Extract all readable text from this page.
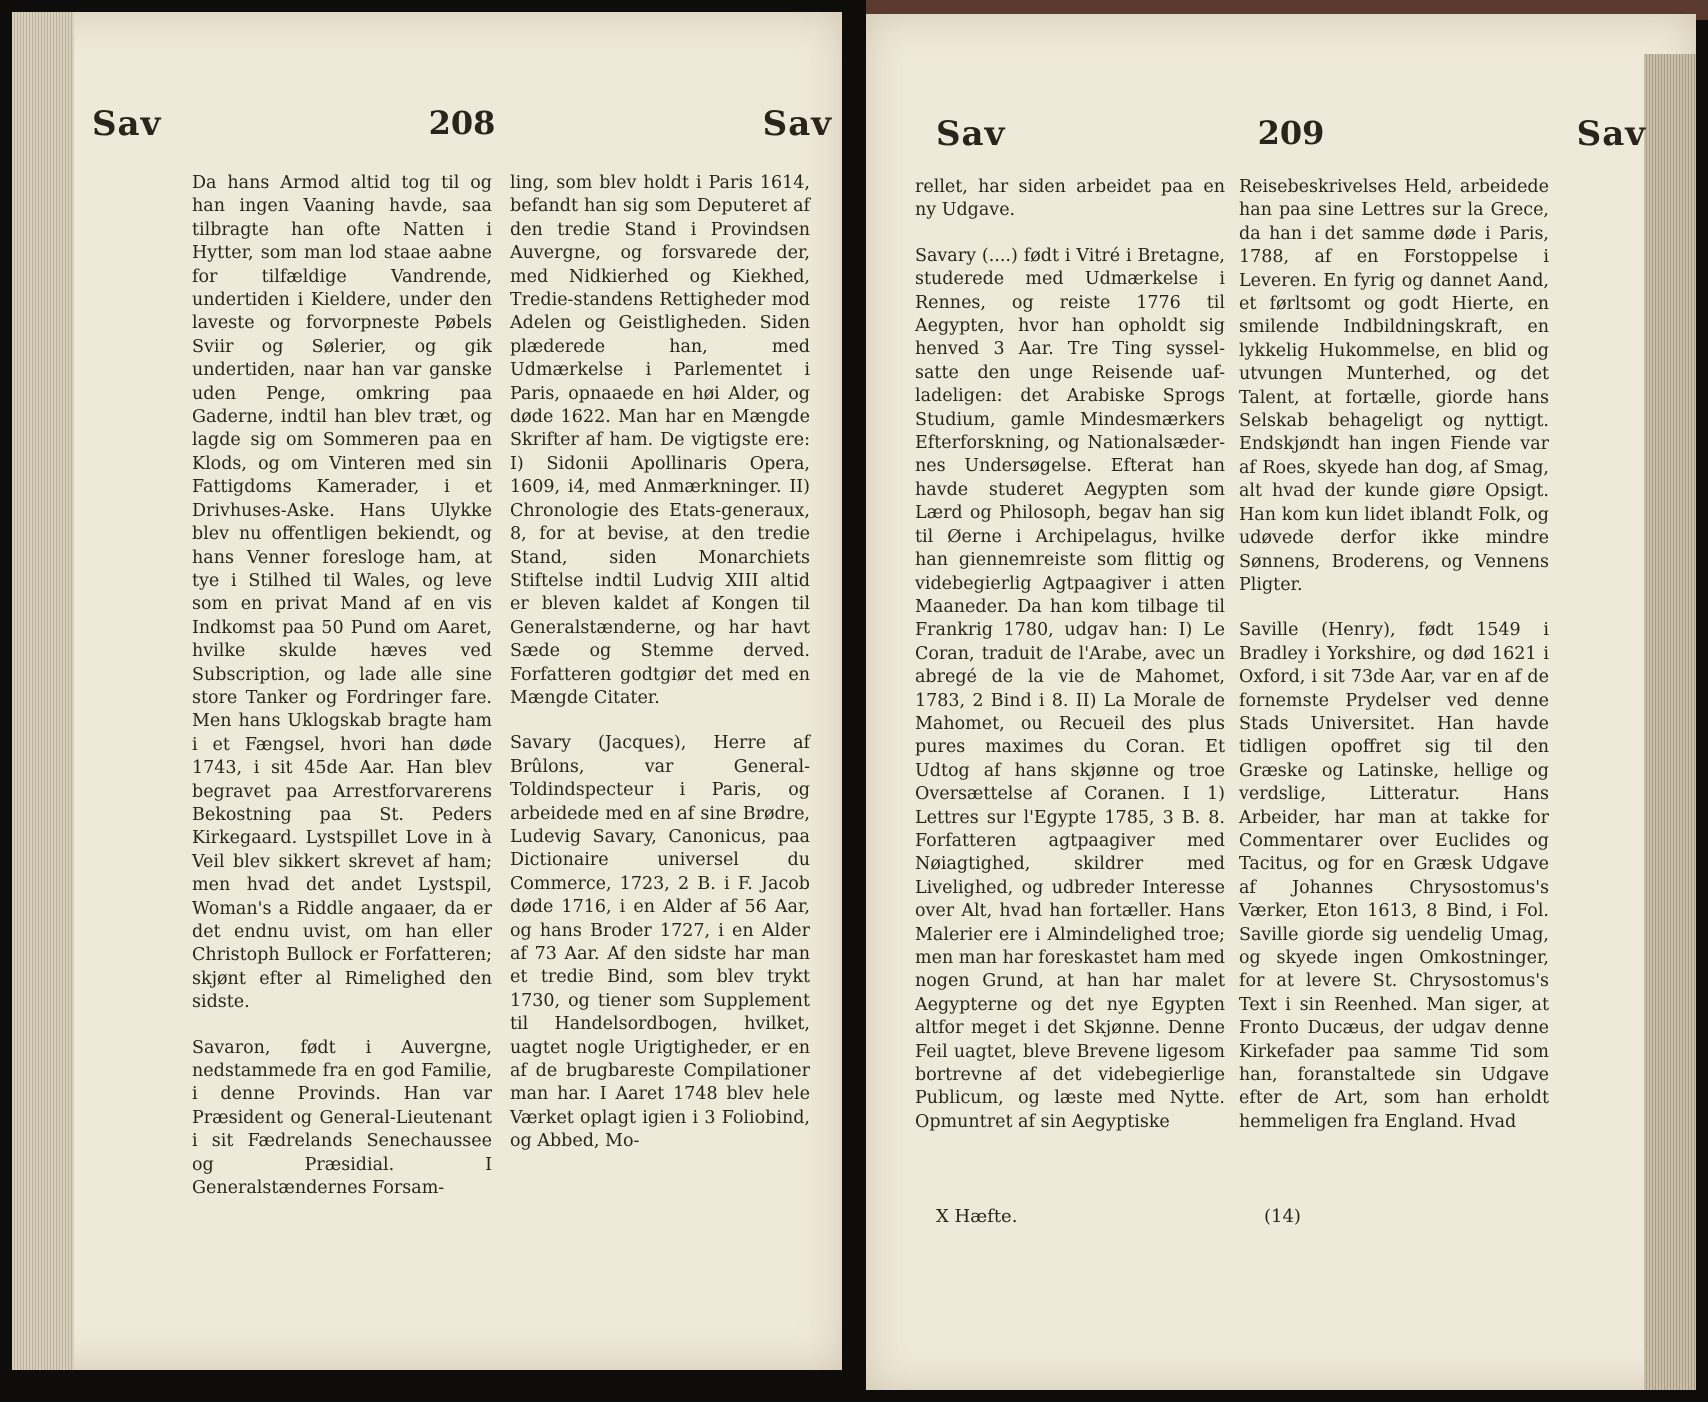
Sav	208	Sav

Da hans Armod altid tog til og han ingen Vaaning havde, saa tilbragte han ofte Natten i Hytter, som man lod staae aabne for tilfældige Vandrende, undertiden i Kieldere, under den laveste og forvorpneste Pøbels Sviir og Sølerier, og gik undertiden, naar han var ganske uden Penge, omkring paa Gaderne, indtil han blev træt, og lagde sig om Sommeren paa en Klods, og om Vinteren med sin Fattigdoms Kamerader, i et Drivhuses-Aske. Hans Ulykke blev nu offentligen bekiendt, og hans Venner foresloge ham, at tye i Stilhed til Wales, og leve som en privat Mand af en vis Indkomst paa 50 Pund om Aaret, hvilke skulde hæves ved Subscription, og lade alle sine store Tanker og Fordringer fare. Men hans Uklogskab bragte ham i et Fængsel, hvori han døde 1743, i sit 45de Aar. Han blev begravet paa Arrestforvarerens Bekostning paa St. Peders Kirkegaard. Lystspillet Love in à Veil blev sikkert skrevet af ham; men hvad det andet Lystspil, Woman's a Riddle angaaer, da er det endnu uvist, om han eller Christoph Bullock er Forfatteren; skjønt efter al Rimelighed den sidste.

Savaron, født i Auvergne, nedstammede fra en god Familie, i denne Provinds. Han var Præsident og General-Lieutenant i sit Fædrelands Senechaussee og Præsidial. I Generalstændernes Forsam-

ling, som blev holdt i Paris 1614, befandt han sig som Deputeret af den tredie Stand i Provindsen Auvergne, og forsvarede der, med Nidkierhed og Kiekhed, Tredie-standens Rettigheder mod Adelen og Geistligheden. Siden plæderede han, med Udmærkelse i Parlementet i Paris, opnaaede en høi Alder, og døde 1622. Man har en Mængde Skrifter af ham. De vigtigste ere: I) Sidonii Apollinaris Opera, 1609, i4, med Anmærkninger. II) Chronologie des Etats-generaux, 8, for at bevise, at den tredie Stand, siden Monarchiets Stiftelse indtil Ludvig XIII altid er bleven kaldet af Kongen til Generalstænderne, og har havt Sæde og Stemme derved. Forfatteren godtgiør det med en Mængde Citater.

Savary (Jacques), Herre af Brûlons, var General-Toldindspecteur i Paris, og arbeidede med en af sine Brødre, Ludevig Savary, Canonicus, paa Dictionaire universel du Commerce, 1723, 2 B. i F. Jacob døde 1716, i en Alder af 56 Aar, og hans Broder 1727, i en Alder af 73 Aar. Af den sidste har man et tredie Bind, som blev trykt 1730, og tiener som Supplement til Handelsordbogen, hvilket, uagtet nogle Urigtigheder, er en af de brugbareste Compilationer man har. I Aaret 1748 blev hele Værket oplagt igien i 3 Foliobind, og Abbed, Mo-

Sav	209	Sav

rellet, har siden arbeidet paa en ny Udgave.

Savary (....) født i Vitré i Bretagne, studerede med Udmærkelse i Rennes, og reiste 1776 til Aegypten, hvor han opholdt sig henved 3 Aar. Tre Ting syssel-satte den unge Reisende uaf-ladeligen: det Arabiske Sprogs Studium, gamle Mindesmærkers Efterforskning, og Nationalsæder-nes Undersøgelse. Efterat han havde studeret Aegypten som Lærd og Philosoph, begav han sig til Øerne i Archipelagus, hvilke han giennemreiste som flittig og videbegierlig Agtpaagiver i atten Maaneder. Da han kom tilbage til Frankrig 1780, udgav han: I) Le Coran, traduit de l'Arabe, avec un abregé de la vie de Mahomet, 1783, 2 Bind i 8. II) La Morale de Mahomet, ou Recueil des plus pures maximes du Coran. Et Udtog af hans skjønne og troe Oversættelse af Coranen. I 1) Lettres sur l'Egypte 1785, 3 B. 8. Forfatteren agtpaagiver med Nøiagtighed, skildrer med Livelighed, og udbreder Interesse over Alt, hvad han fortæller. Hans Malerier ere i Almindelighed troe; men man har foreskastet ham med nogen Grund, at han har malet Aegypterne og det nye Egypten altfor meget i det Skjønne. Denne Feil uagtet, bleve Brevene ligesom bortrevne af det videbegierlige Publicum, og læste med Nytte. Opmuntret af sin Aegyptiske

Reisebeskrivelses Held, arbeidede han paa sine Lettres sur la Grece, da han i det samme døde i Paris, 1788, af en Forstoppelse i Leveren. En fyrig og dannet Aand, et førltsomt og godt Hierte, en smilende Indbildningskraft, en lykkelig Hukommelse, en blid og utvungen Munterhed, og det Talent, at fortælle, giorde hans Selskab behageligt og nyttigt. Endskjøndt han ingen Fiende var af Roes, skyede han dog, af Smag, alt hvad der kunde giøre Opsigt. Han kom kun lidet iblandt Folk, og udøvede derfor ikke mindre Sønnens, Broderens, og Vennens Pligter.

Saville (Henry), født 1549 i Bradley i Yorkshire, og død 1621 i Oxford, i sit 73de Aar, var en af de fornemste Prydelser ved denne Stads Universitet. Han havde tidligen opoffret sig til den Græske og Latinske, hellige og verdslige, Litteratur. Hans Arbeider, har man at takke for Commentarer over Euclides og Tacitus, og for en Græsk Udgave af Johannes Chrysostomus's Værker, Eton 1613, 8 Bind, i Fol. Saville giorde sig uendelig Umag, og skyede ingen Omkostninger, for at levere St. Chrysostomus's Text i sin Reenhed. Man siger, at Fronto Ducæus, der udgav denne Kirkefader paa samme Tid som han, foranstaltede sin Udgave efter de Art, som han erholdt hemmeligen fra England. Hvad

X Hæfte.	(14)
